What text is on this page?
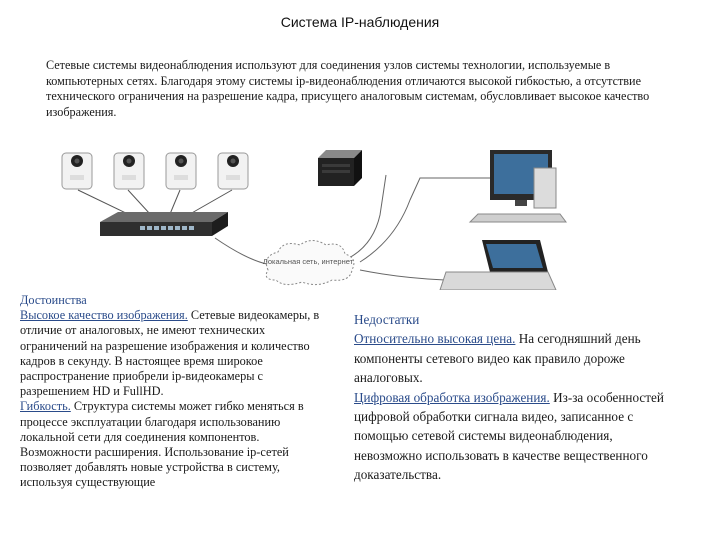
Система IP-наблюдения
Сетевые системы видеонаблюдения используют для соединения узлов системы технологии, используемые в компьютерных сетях. Благодаря этому системы ip-видеонаблюдения отличаются высокой гибкостью, а отсутствие технического ограничения на разрешение кадра, присущего аналоговым системам, обусловливает высокое качество изображения.
Локальная сеть, интернет
Достоинства
Высокое качество изображения. Сетевые видеокамеры, в отличие от аналоговых, не имеют технических ограничений на разрешение изображения и количество кадров в секунду. В настоящее время широкое распространение приобрели ip-видеокамеры с разрешением HD и FullHD.
Гибкость. Структура системы может гибко меняться в процессе эксплуатации благодаря использованию локальной сети для соединения компонентов.
Возможности расширения. Использование ip-сетей позволяет добавлять новые устройства в систему, используя существующие
Недостатки
Относительно высокая цена. На сегодняшний день компоненты сетевого видео как правило дороже аналоговых.
Цифровая обработка изображения. Из-за особенностей цифровой обработки сигнала видео, записанное с помощью сетевой системы видеонаблюдения, невозможно использовать в качестве вещественного доказательства.
